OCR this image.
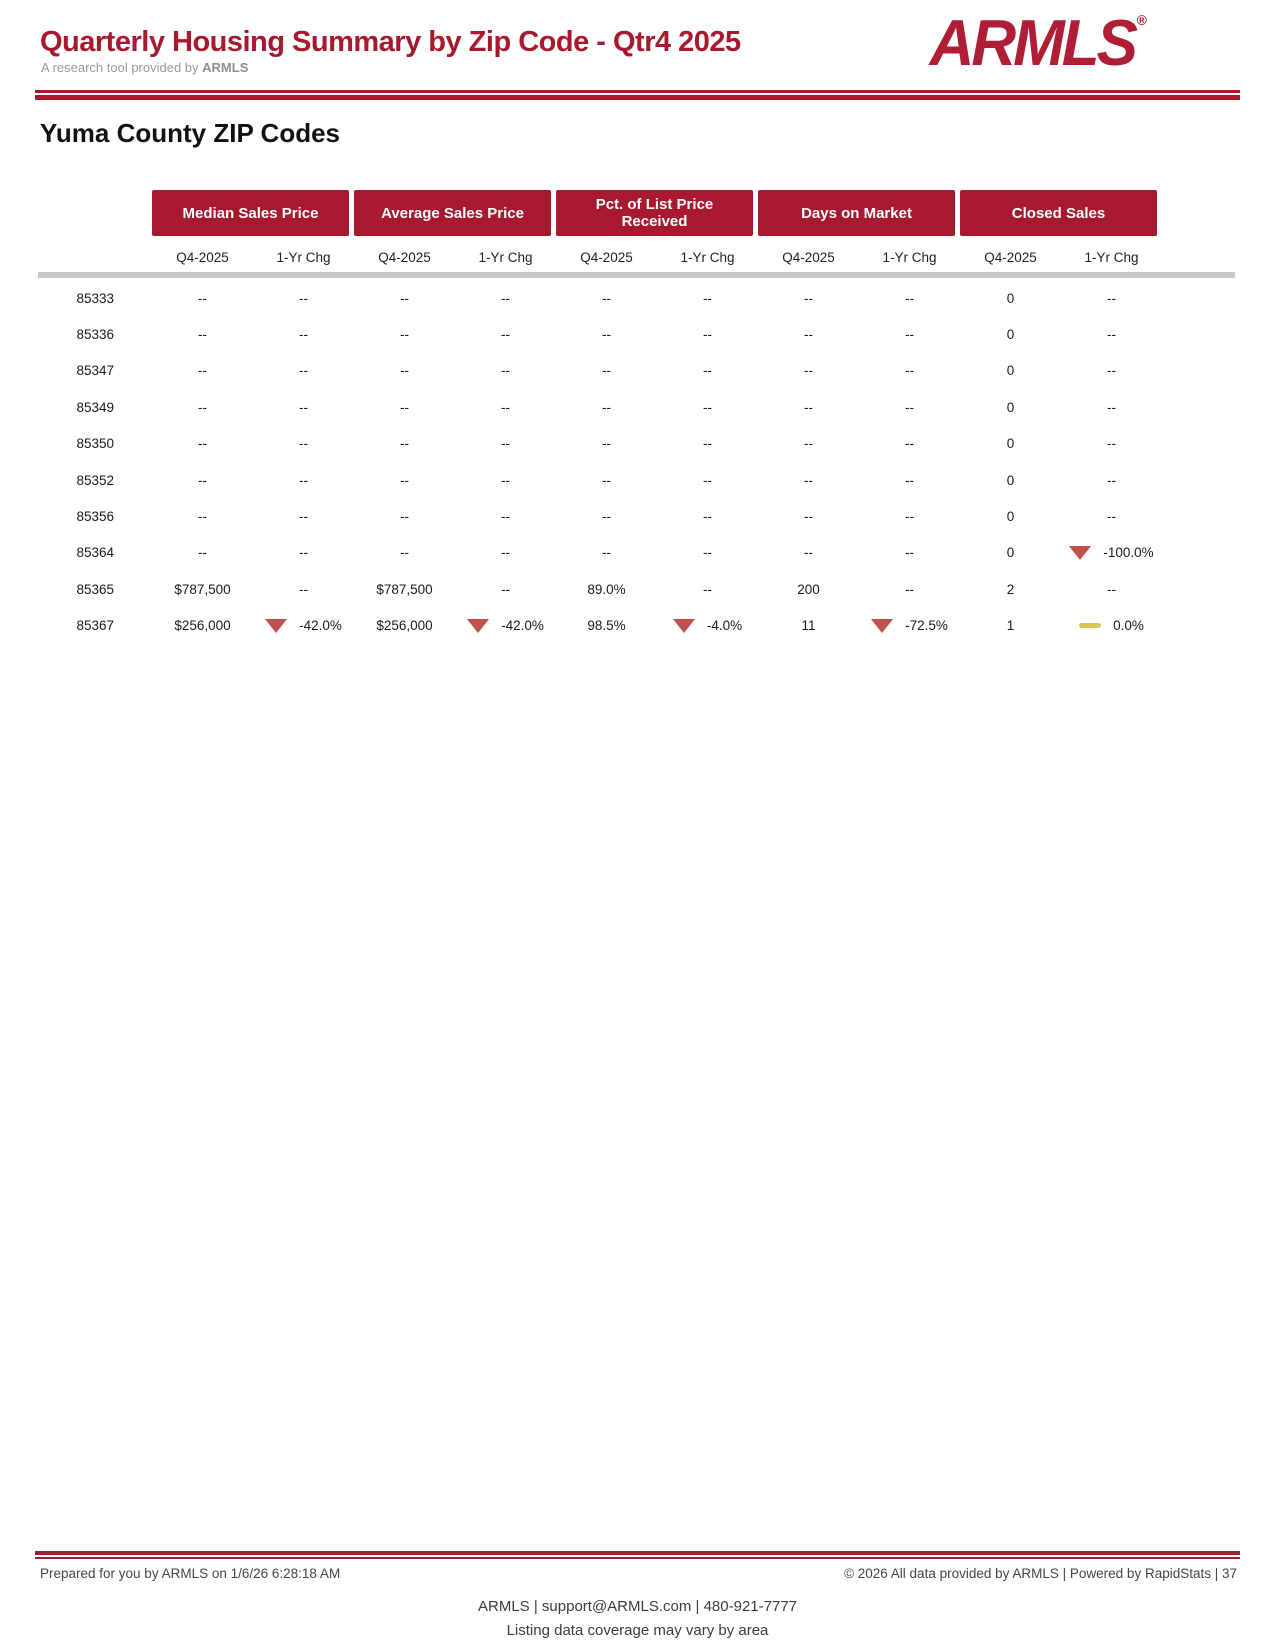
Quarterly Housing Summary by Zip Code - Qtr4 2025
A research tool provided by ARMLS	ARMLS ®
Yuma County ZIP Codes
Median Sales Price	Average Sales Price	Pct. of List Price Received	Days on Market	Closed Sales
Q4-2025	1-Yr Chg	Q4-2025	1-Yr Chg	Q4-2025	1-Yr Chg	Q4-2025	1-Yr Chg	Q4-2025	1-Yr Chg
85333	--	--	--	--	--	--	--	--	0	--
85336	--	--	--	--	--	--	--	--	0	--
85347	--	--	--	--	--	--	--	--	0	--
85349	--	--	--	--	--	--	--	--	0	--
85350	--	--	--	--	--	--	--	--	0	--
85352	--	--	--	--	--	--	--	--	0	--
85356	--	--	--	--	--	--	--	--	0	--
85364	--	--	--	--	--	--	--	--	0	-100.0%
85365	$787,500	--	$787,500	--	89.0%	--	200	--	2	--
85367	$256,000	-42.0%	$256,000	-42.0%	98.5%	-4.0%	11	-72.5%	1	0.0%
Prepared for you by ARMLS on 1/6/26 6:28:18 AM	© 2026 All data provided by ARMLS | Powered by RapidStats | 37
ARMLS | support@ARMLS.com | 480-921-7777
Listing data coverage may vary by area
